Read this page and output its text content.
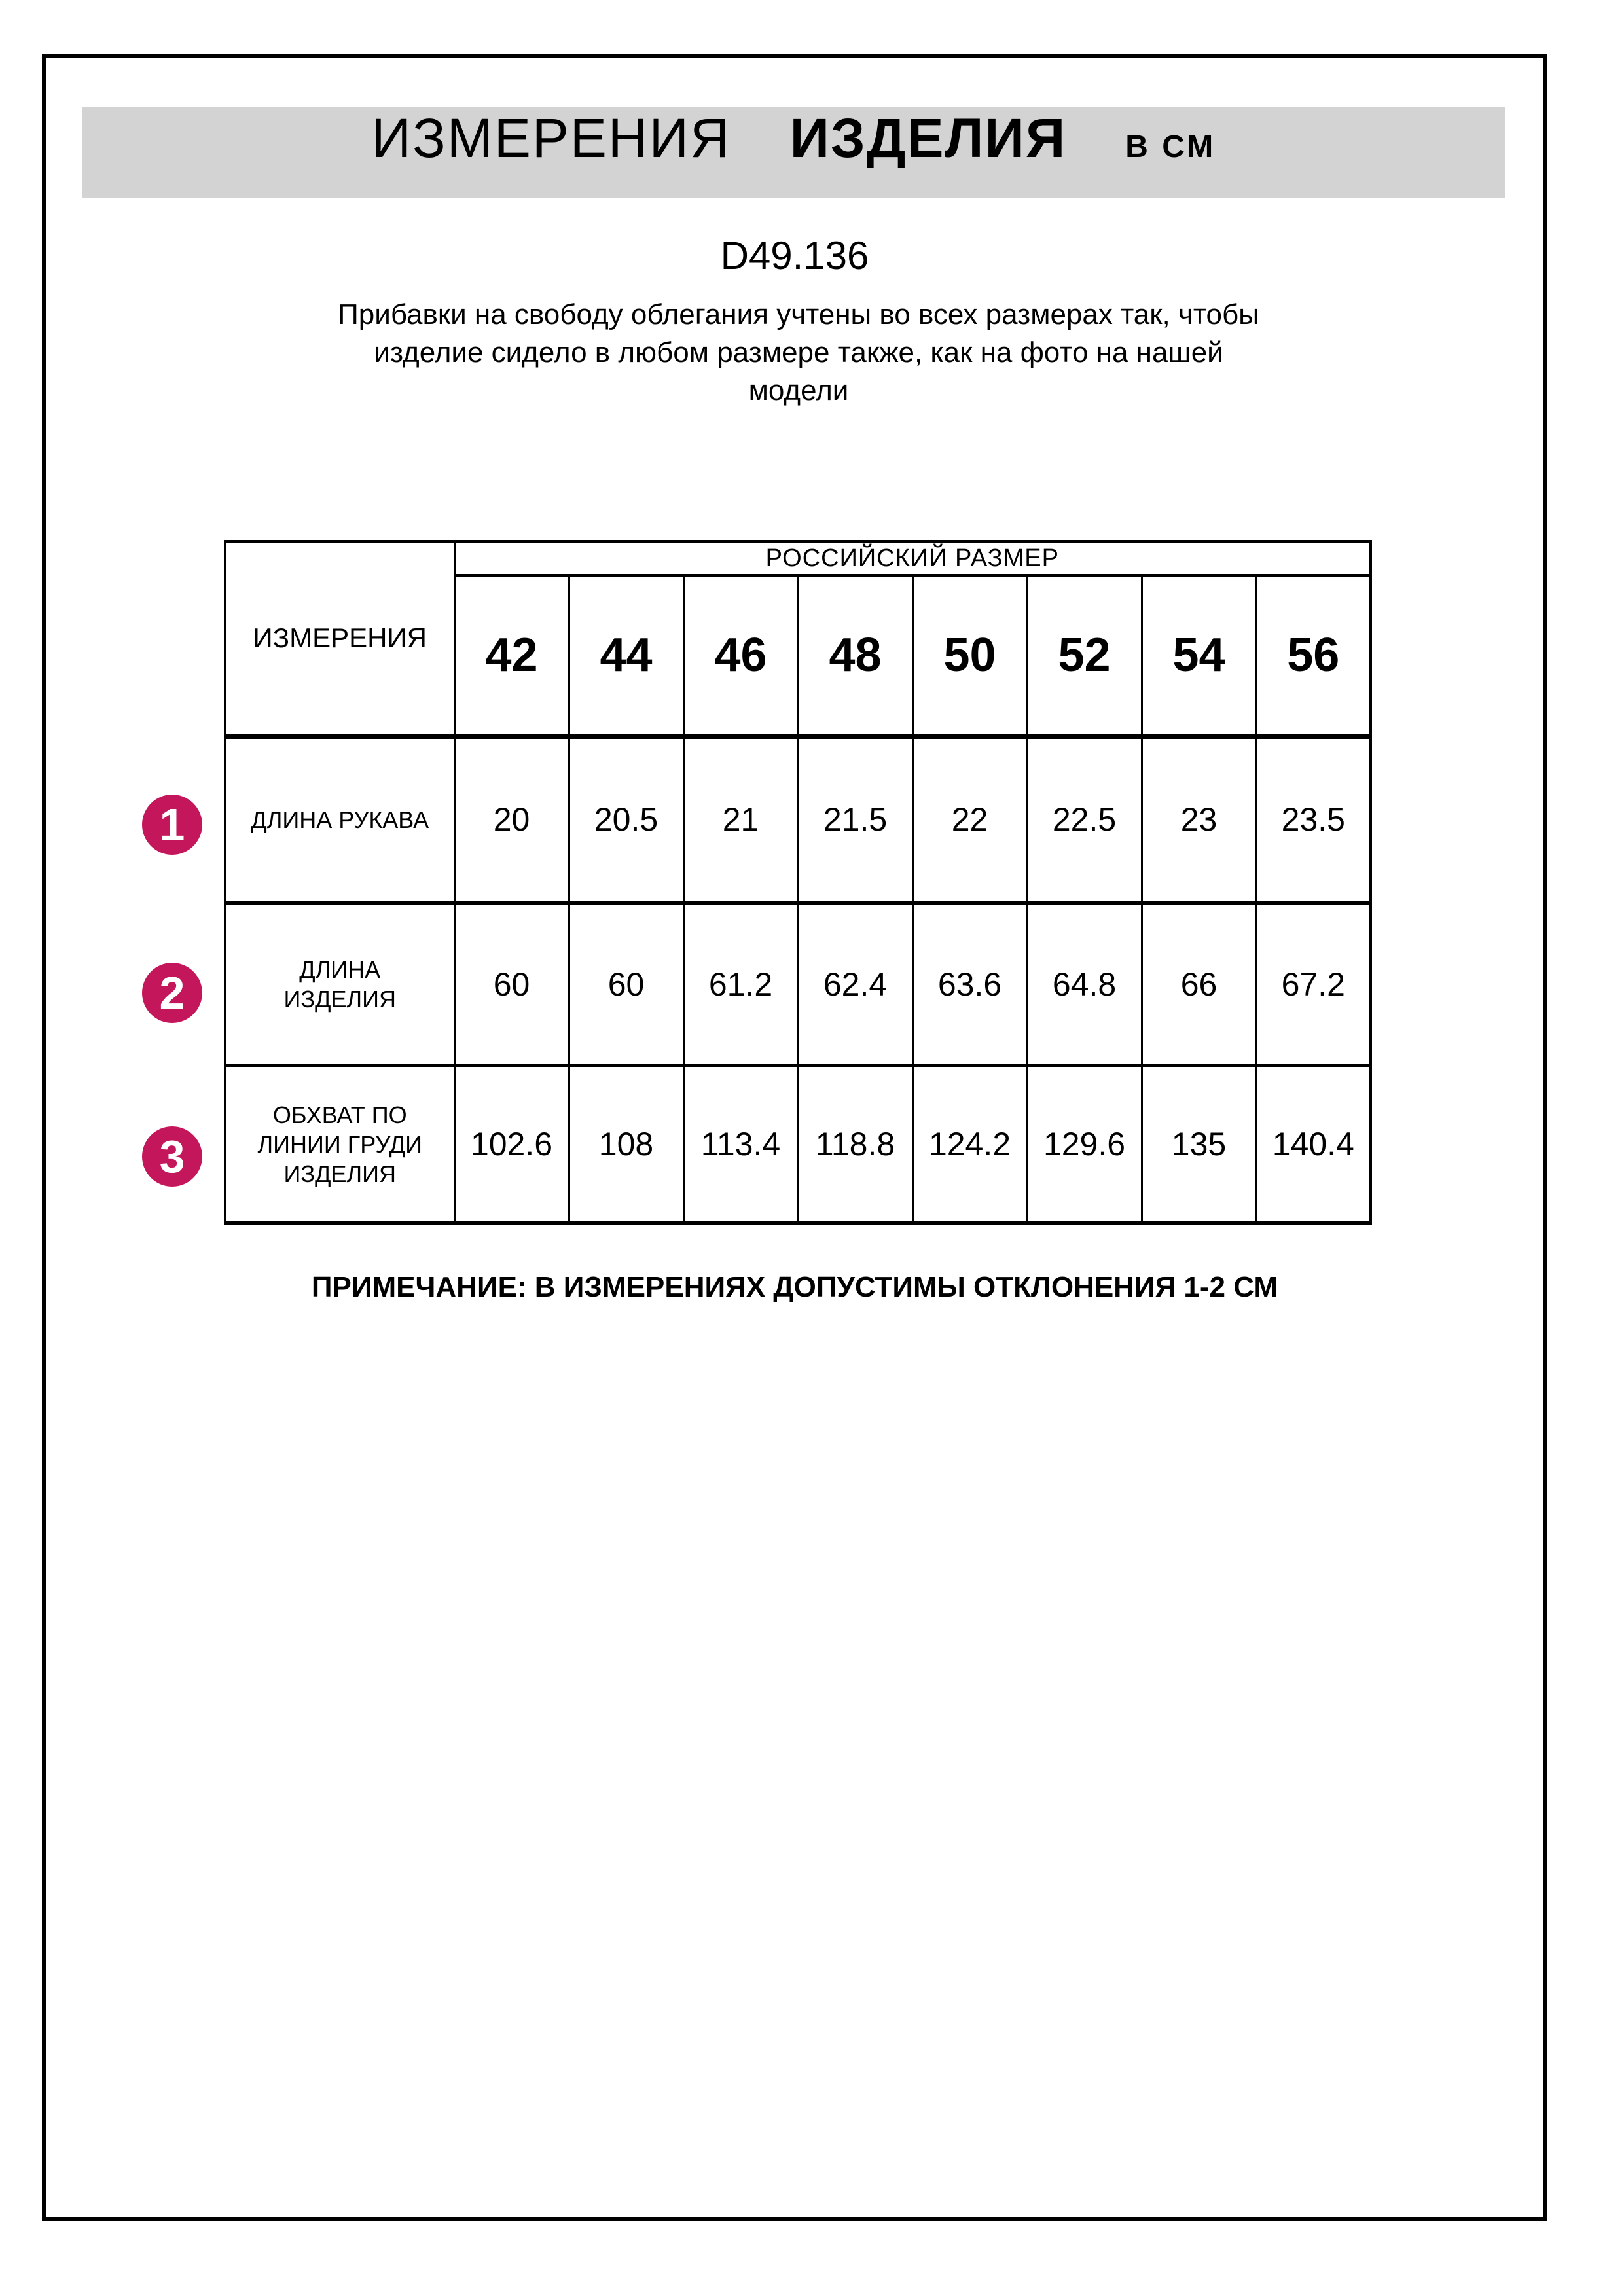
ИЗМЕРЕНИЯ ИЗДЕЛИЯ В СМ
D49.136
Прибавки на свободу облегания учтены во всех размерах так, чтобы
изделие сидело в любом размере также, как на фото на нашей
модели
ИЗМЕРЕНИЯ	РОССИЙСКИЙ РАЗМЕР							
	42	44	46	48	50	52	54	56
ДЛИНА РУКАВА	20	20.5	21	21.5	22	22.5	23	23.5

ДЛИНА
ИЗДЕЛИЯ	60	60	61.2	62.4	63.6	64.8	66	67.2

ОБХВАТ ПО
ЛИНИИ ГРУДИ
ИЗДЕЛИЯ	102.6	108	113.4	118.8	124.2	129.6	135	140.4
1
2
3
ПРИМЕЧАНИЕ: В ИЗМЕРЕНИЯХ ДОПУСТИМЫ ОТКЛОНЕНИЯ 1-2 СМ
